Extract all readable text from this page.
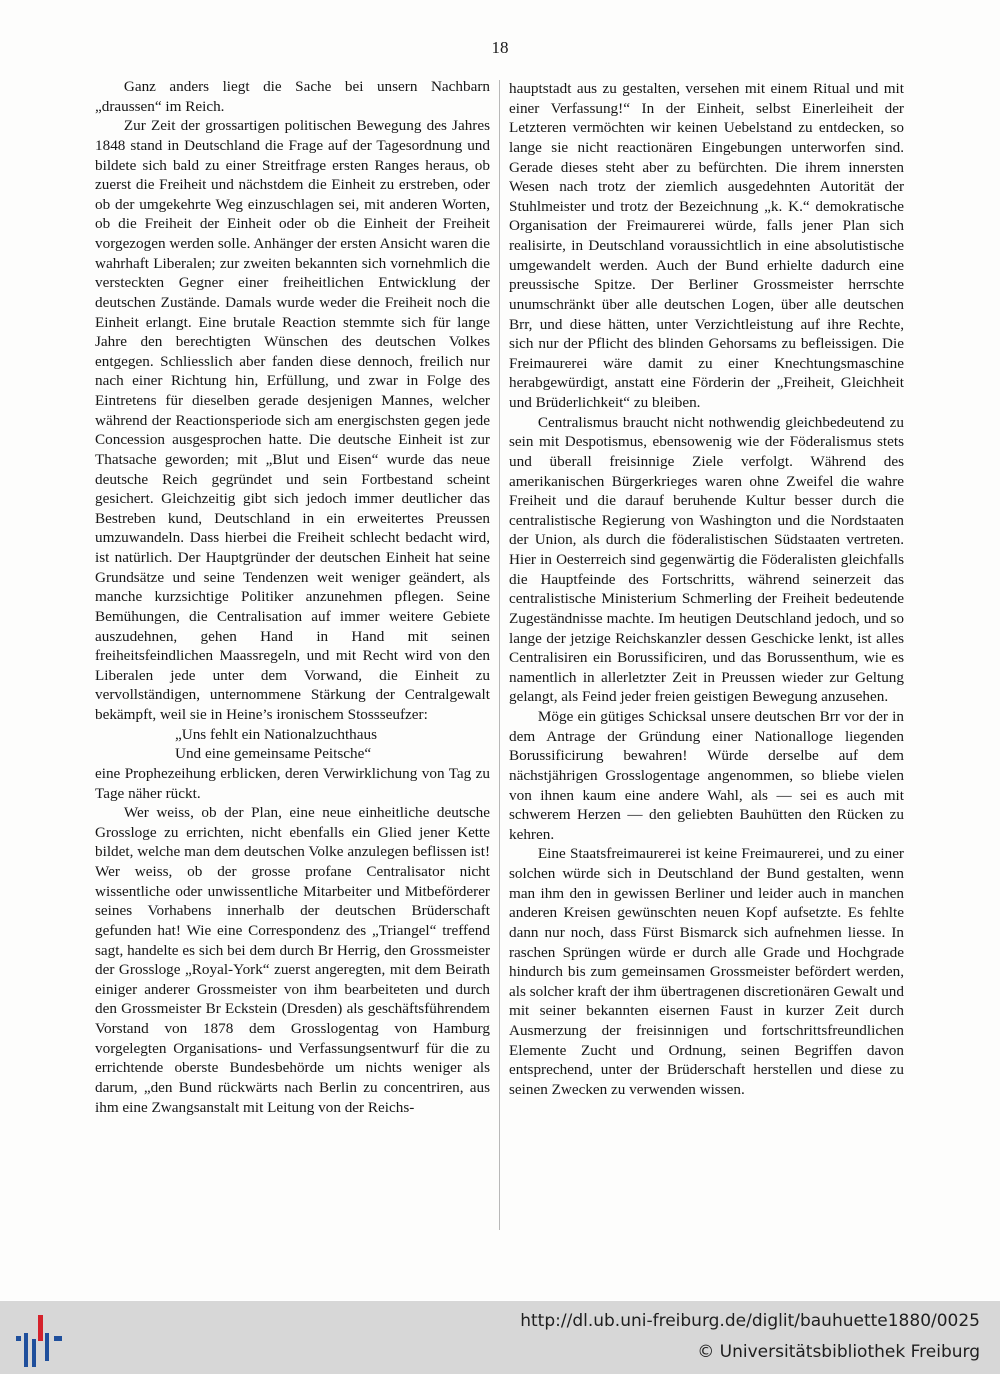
18

Ganz anders liegt die Sache bei unsern Nachbarn „draussen“ im Reich.

Zur Zeit der grossartigen politischen Bewegung des Jahres 1848 stand in Deutschland die Frage auf der Tagesordnung und bildete sich bald zu einer Streitfrage ersten Ranges heraus, ob zuerst die Freiheit und nächstdem die Einheit zu erstreben, oder ob der umgekehrte Weg einzuschlagen sei, mit anderen Worten, ob die Freiheit der Einheit oder ob die Einheit der Freiheit vorgezogen werden solle. Anhänger der ersten Ansicht waren die wahrhaft Liberalen; zur zweiten bekannten sich vornehmlich die versteckten Gegner einer freiheitlichen Entwicklung der deutschen Zustände. Damals wurde weder die Freiheit noch die Einheit erlangt. Eine brutale Reaction stemmte sich für lange Jahre den berechtigten Wünschen des deutschen Volkes entgegen. Schliesslich aber fanden diese dennoch, freilich nur nach einer Richtung hin, Erfüllung, und zwar in Folge des Eintretens für dieselben gerade desjenigen Mannes, welcher während der Reactionsperiode sich am energischsten gegen jede Concession ausgesprochen hatte. Die deutsche Einheit ist zur Thatsache geworden; mit „Blut und Eisen“ wurde das neue deutsche Reich gegründet und sein Fortbestand scheint gesichert. Gleichzeitig gibt sich jedoch immer deutlicher das Bestreben kund, Deutschland in ein erweitertes Preussen umzuwandeln. Dass hierbei die Freiheit schlecht bedacht wird, ist natürlich. Der Hauptgründer der deutschen Einheit hat seine Grundsätze und seine Tendenzen weit weniger geändert, als manche kurzsichtige Politiker anzunehmen pflegen. Seine Bemühungen, die Centralisation auf immer weitere Gebiete auszudehnen, gehen Hand in Hand mit seinen freiheitsfeindlichen Maassregeln, und mit Recht wird von den Liberalen jede unter dem Vorwand, die Einheit zu vervollständigen, unternommene Stärkung der Centralgewalt bekämpft, weil sie in Heine’s ironischem Stossseufzer:

„Uns fehlt ein Nationalzuchthaus

Und eine gemeinsame Peitsche“

eine Prophezeihung erblicken, deren Verwirklichung von Tag zu Tage näher rückt.

Wer weiss, ob der Plan, eine neue einheitliche deutsche Grossloge zu errichten, nicht ebenfalls ein Glied jener Kette bildet, welche man dem deutschen Volke anzulegen beflissen ist! Wer weiss, ob der grosse profane Centralisator nicht wissentliche oder unwissentliche Mitarbeiter und Mitbeförderer seines Vorhabens innerhalb der deutschen Brüderschaft gefunden hat! Wie eine Correspondenz des „Triangel“ treffend sagt, handelte es sich bei dem durch Br Herrig, den Grossmeister der Grossloge „Royal-York“ zuerst angeregten, mit dem Beirath einiger anderer Grossmeister von ihm bearbeiteten und durch den Grossmeister Br Eckstein (Dresden) als geschäftsführendem Vorstand von 1878 dem Grosslogentag von Hamburg vorgelegten Organisations- und Verfassungsentwurf für die zu errichtende oberste Bundesbehörde um nichts weniger als darum, „den Bund rückwärts nach Berlin zu concentriren, aus ihm eine Zwangsanstalt mit Leitung von der Reichs-

hauptstadt aus zu gestalten, versehen mit einem Ritual und mit einer Verfassung!“ In der Einheit, selbst Einerleiheit der Letzteren vermöchten wir keinen Uebelstand zu entdecken, so lange sie nicht reactionären Eingebungen unterworfen sind. Gerade dieses steht aber zu befürchten. Die ihrem innersten Wesen nach trotz der ziemlich ausgedehnten Autorität der Stuhlmeister und trotz der Bezeichnung „k. K.“ demokratische Organisation der Freimaurerei würde, falls jener Plan sich realisirte, in Deutschland voraussichtlich in eine absolutistische umgewandelt werden. Auch der Bund erhielte dadurch eine preussische Spitze. Der Berliner Grossmeister herrschte unumschränkt über alle deutschen Logen, über alle deutschen Brr, und diese hätten, unter Verzichtleistung auf ihre Rechte, sich nur der Pflicht des blinden Gehorsams zu befleissigen. Die Freimaurerei wäre damit zu einer Knechtungsmaschine herabgewürdigt, anstatt eine Förderin der „Freiheit, Gleichheit und Brüderlichkeit“ zu bleiben.

Centralismus braucht nicht nothwendig gleichbedeutend zu sein mit Despotismus, ebensowenig wie der Föderalismus stets und überall freisinnige Ziele verfolgt. Während des amerikanischen Bürgerkrieges waren ohne Zweifel die wahre Freiheit und die darauf beruhende Kultur besser durch die centralistische Regierung von Washington und die Nordstaaten der Union, als durch die föderalistischen Südstaaten vertreten. Hier in Oesterreich sind gegenwärtig die Föderalisten gleichfalls die Hauptfeinde des Fortschritts, während seinerzeit das centralistische Ministerium Schmerling der Freiheit bedeutende Zugeständnisse machte. Im heutigen Deutschland jedoch, und so lange der jetzige Reichskanzler dessen Geschicke lenkt, ist alles Centralisiren ein Borussificiren, und das Borussenthum, wie es namentlich in allerletzter Zeit in Preussen wieder zur Geltung gelangt, als Feind jeder freien geistigen Bewegung anzusehen.

Möge ein gütiges Schicksal unsere deutschen Brr vor der in dem Antrage der Gründung einer Nationalloge liegenden Borussificirung bewahren! Würde derselbe auf dem nächstjährigen Grosslogentage angenommen, so bliebe vielen von ihnen kaum eine andere Wahl, als — sei es auch mit schwerem Herzen — den geliebten Bauhütten den Rücken zu kehren.

Eine Staatsfreimaurerei ist keine Freimaurerei, und zu einer solchen würde sich in Deutschland der Bund gestalten, wenn man ihm den in gewissen Berliner und leider auch in manchen anderen Kreisen gewünschten neuen Kopf aufsetzte. Es fehlte dann nur noch, dass Fürst Bismarck sich aufnehmen liesse. In raschen Sprüngen würde er durch alle Grade und Hochgrade hindurch bis zum gemeinsamen Grossmeister befördert werden, als solcher kraft der ihm übertragenen discretionären Gewalt und mit seiner bekannten eisernen Faust in kurzer Zeit durch Ausmerzung der freisinnigen und fortschrittsfreundlichen Elemente Zucht und Ordnung, seinen Begriffen davon entsprechend, unter der Brüderschaft herstellen und diese zu seinen Zwecken zu verwenden wissen.

http://dl.ub.uni-freiburg.de/diglit/bauhuette1880/0025
© Universitätsbibliothek Freiburg
